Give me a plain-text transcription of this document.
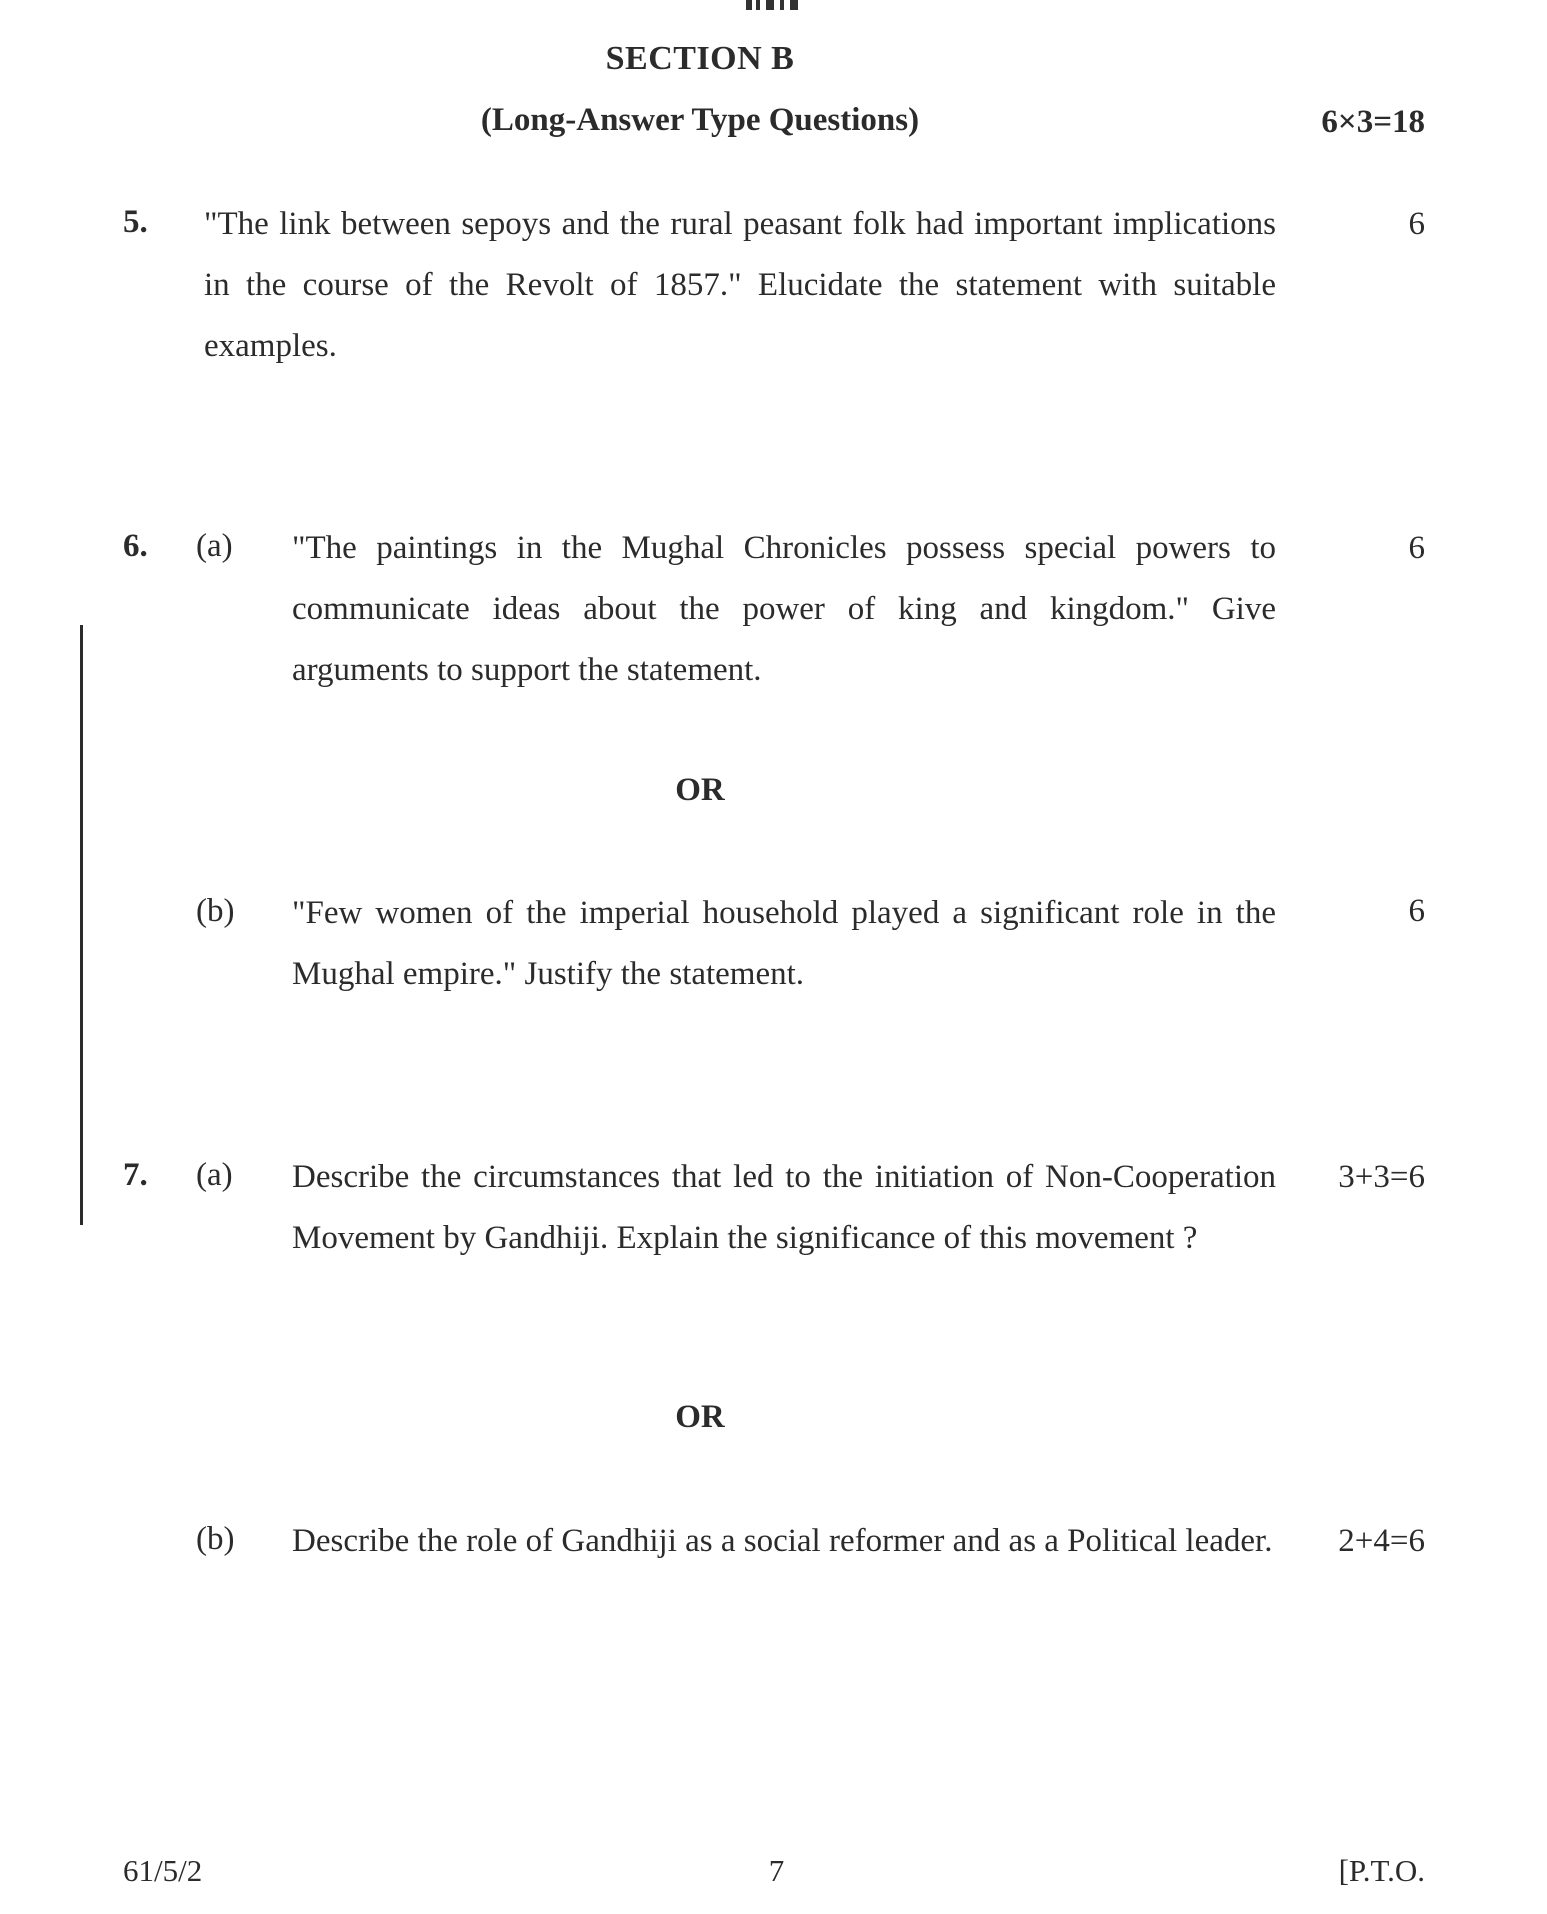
SECTION B
(Long-Answer Type Questions)	6×3=18
5. "The link between sepoys and the rural peasant folk had important implications in the course of the Revolt of 1857." Elucidate the statement with suitable examples.

6
6. (a) "The paintings in the Mughal Chronicles possess special powers to communicate ideas about the power of king and kingdom." Give arguments to support the statement.

6
OR
(b) "Few women of the imperial household played a significant role in the Mughal empire." Justify the statement.

6
7. (a) Describe the circumstances that led to the initiation of Non-Cooperation Movement by Gandhiji. Explain the significance of this movement ?

3+3=6
OR
(b) Describe the role of Gandhiji as a social reformer and as a Political leader. 2+4=6
61/5/2	7	[P.T.O.
